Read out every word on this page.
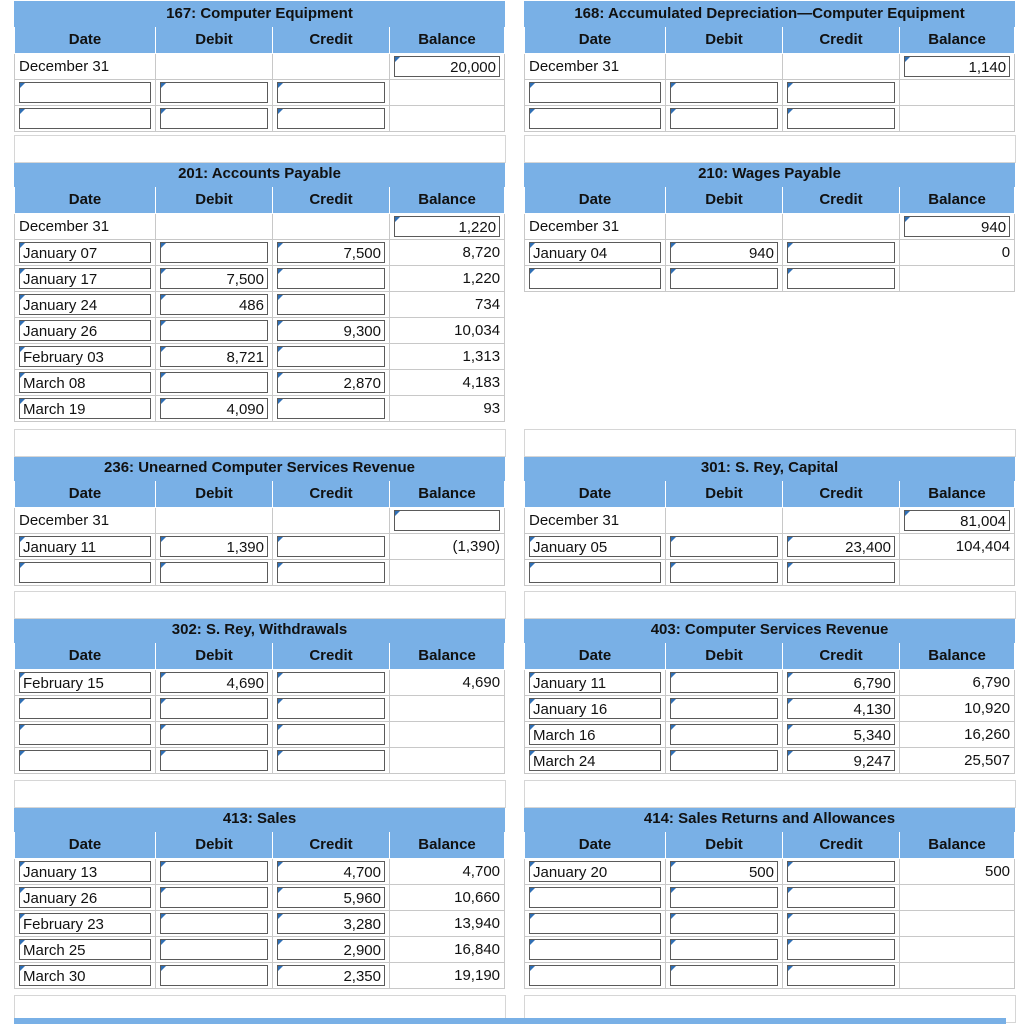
167: Computer Equipment			
Date	Debit	Credit	Balance
December 31			20,000

168: Accumulated Depreciation—Computer Equipment			
Date	Debit	Credit	Balance
December 31			1,140

201: Accounts Payable			
Date	Debit	Credit	Balance
December 31			1,220

January 07		7,500	8,720

January 17	7,500		1,220

January 24	486		734

January 26		9,300	10,034

February 03	8,721		1,313

March 08		2,870	4,183

March 19	4,090		93
210: Wages Payable			
Date	Debit	Credit	Balance
December 31			940

January 04	940		0

236: Unearned Computer Services Revenue			
Date	Debit	Credit	Balance
December 31			

January 11	1,390		(1,390)

301: S. Rey, Capital			
Date	Debit	Credit	Balance
December 31			81,004

January 05		23,400	104,404

302: S. Rey, Withdrawals			
Date	Debit	Credit	Balance

February 15	4,690		4,690

403: Computer Services Revenue			
Date	Debit	Credit	Balance

January 11		6,790	6,790

January 16		4,130	10,920

March 16		5,340	16,260

March 24		9,247	25,507
413: Sales			
Date	Debit	Credit	Balance

January 13		4,700	4,700

January 26		5,960	10,660

February 23		3,280	13,940

March 25		2,900	16,840

March 30		2,350	19,190
414: Sales Returns and Allowances			
Date	Debit	Credit	Balance

January 20	500		500
